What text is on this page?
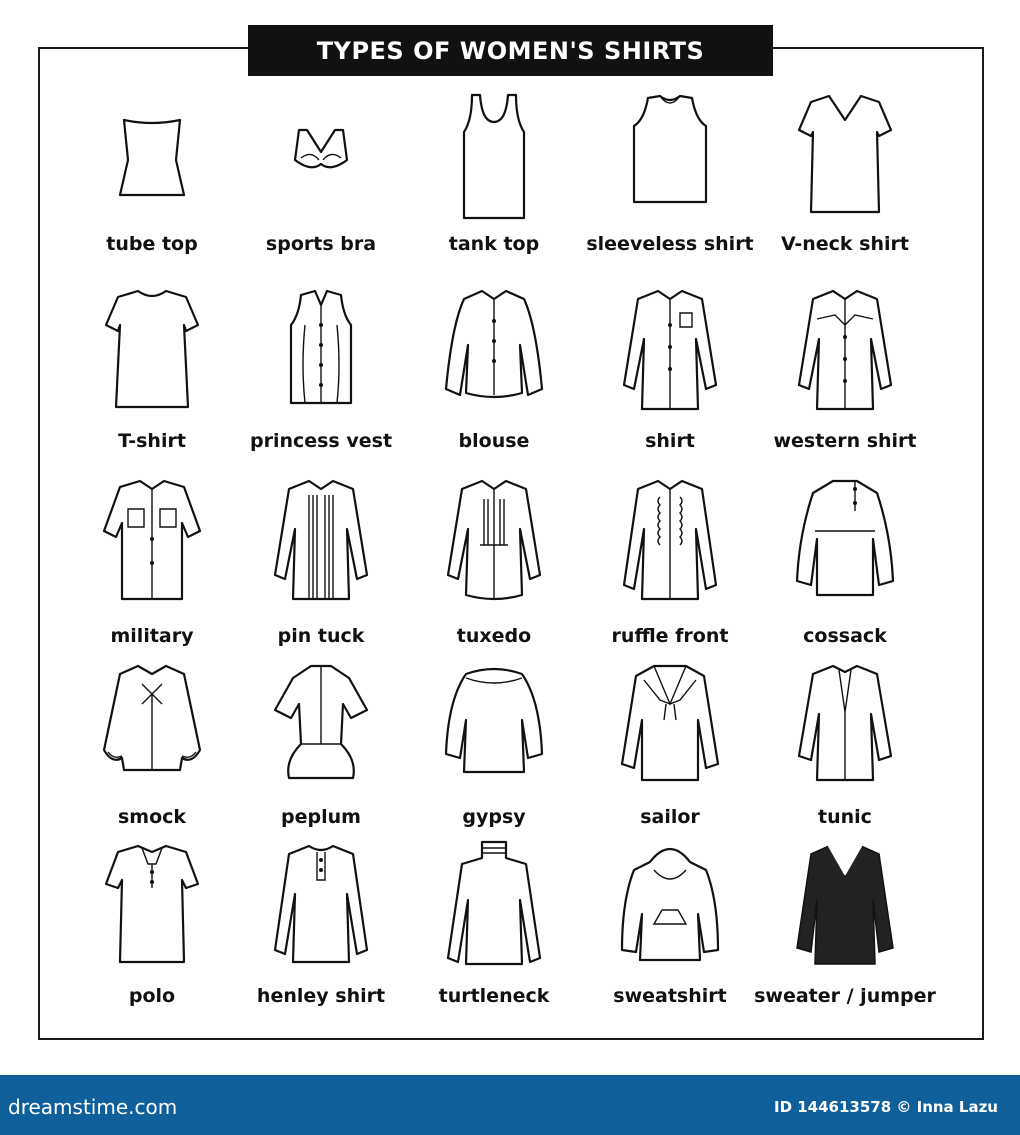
TYPES OF WOMEN'S SHIRTS
tube top	sports bra	tank top	sleeveless shirt	V-neck shirt
T-shirt	princess vest	blouse	shirt	western shirt
military	pin tuck	tuxedo	ruffle front	cossack
smock	peplum	gypsy	sailor	tunic
polo	henley shirt	turtleneck	sweatshirt	sweater / jumper
dreamstime.com	ID 144613578 © Inna Lazu
